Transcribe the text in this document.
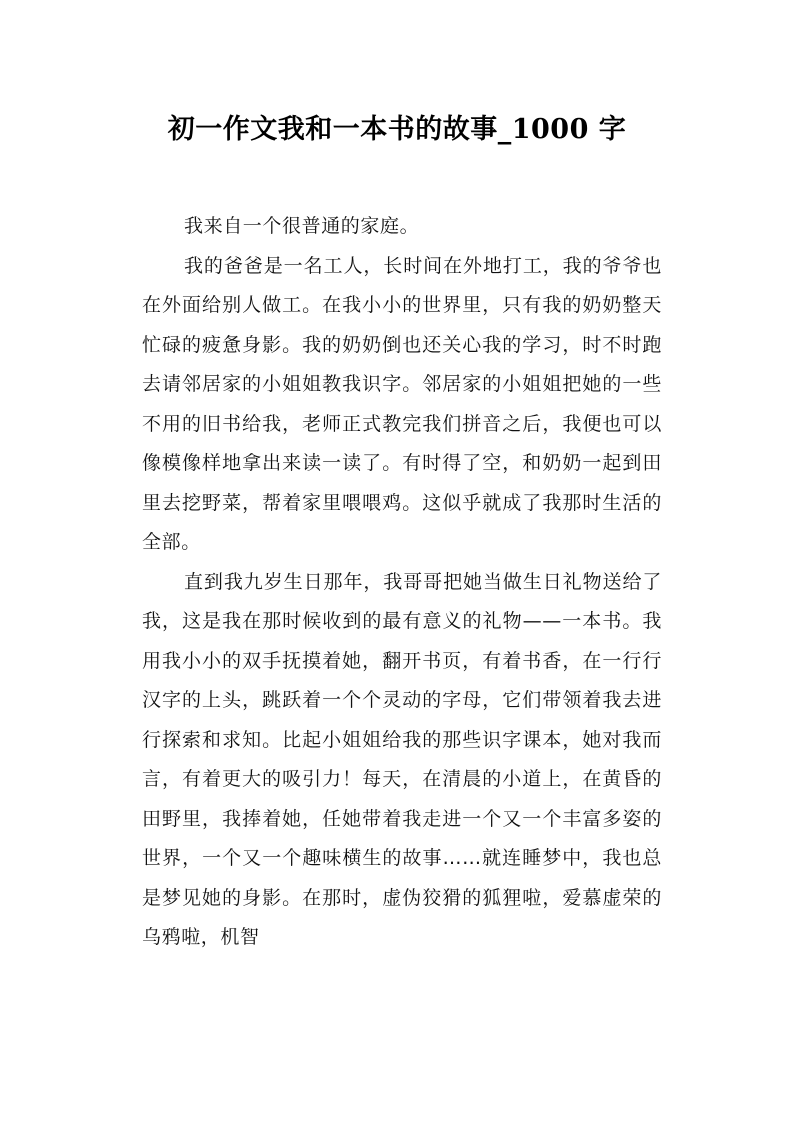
初一作文我和一本书的故事_1000 字

我来自一个很普通的家庭。

我的爸爸是一名工人，长时间在外地打工，我的爷爷也在外面给别人做工。在我小小的世界里，只有我的奶奶整天忙碌的疲惫身影。我的奶奶倒也还关心我的学习，时不时跑去请邻居家的小姐姐教我识字。邻居家的小姐姐把她的一些不用的旧书给我，老师正式教完我们拼音之后，我便也可以像模像样地拿出来读一读了。有时得了空，和奶奶一起到田里去挖野菜，帮着家里喂喂鸡。这似乎就成了我那时生活的全部。

直到我九岁生日那年，我哥哥把她当做生日礼物送给了我，这是我在那时候收到的最有意义的礼物——一本书。我用我小小的双手抚摸着她，翻开书页，有着书香，在一行行汉字的上头，跳跃着一个个灵动的字母，它们带领着我去进行探索和求知。比起小姐姐给我的那些识字课本，她对我而言，有着更大的吸引力！每天，在清晨的小道上，在黄昏的田野里，我捧着她，任她带着我走进一个又一个丰富多姿的世界，一个又一个趣味横生的故事……就连睡梦中，我也总是梦见她的身影。在那时，虚伪狡猾的狐狸啦，爱慕虚荣的乌鸦啦，机智
